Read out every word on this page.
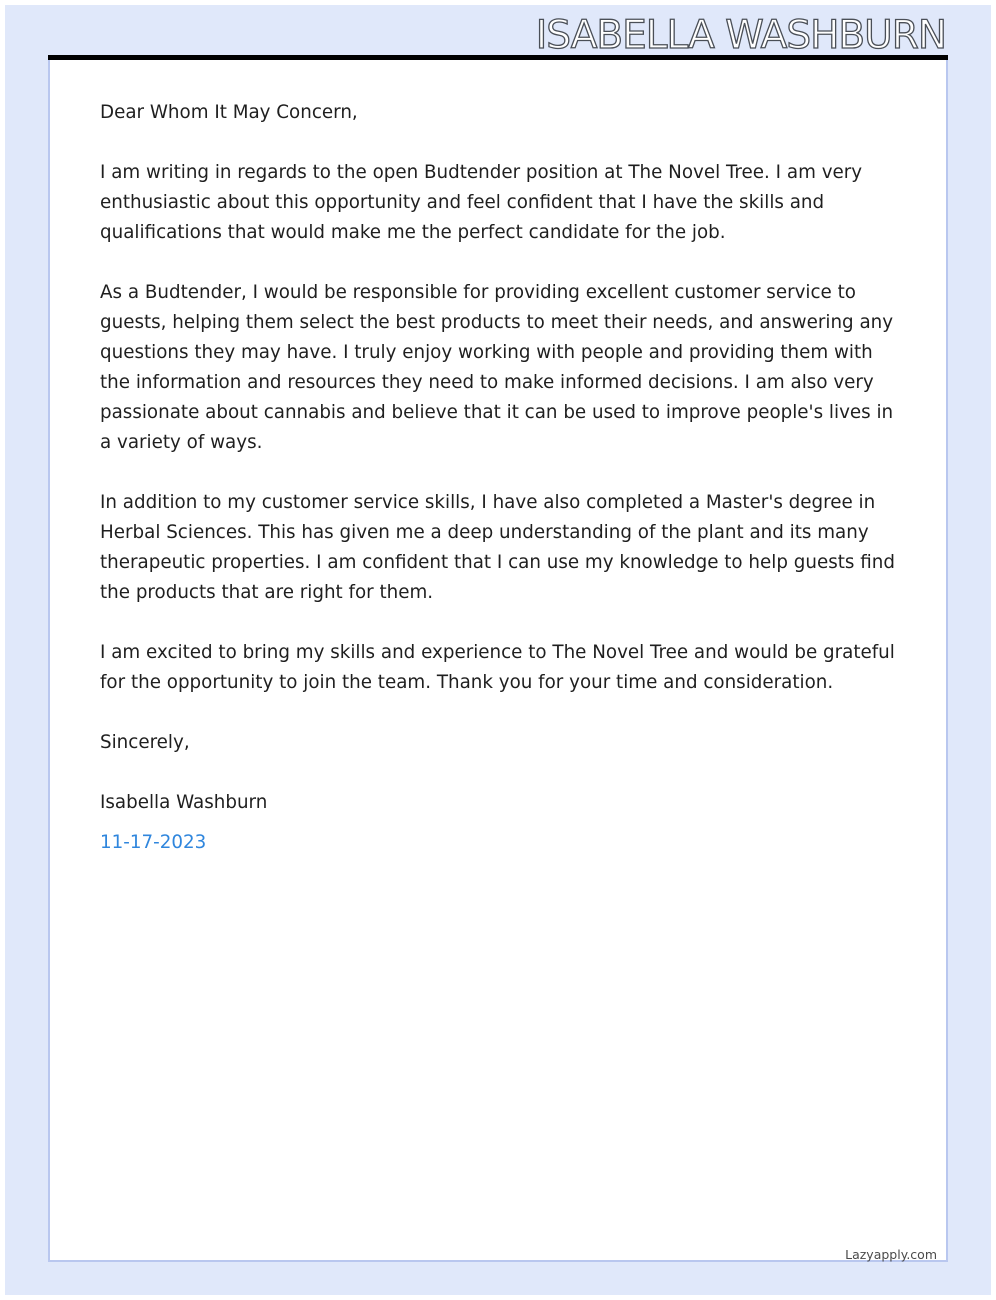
ISABELLA WASHBURN

Dear Whom It May Concern,

I am writing in regards to the open Budtender position at The Novel Tree. I am very enthusiastic about this opportunity and feel confident that I have the skills and qualifications that would make me the perfect candidate for the job.

As a Budtender, I would be responsible for providing excellent customer service to guests, helping them select the best products to meet their needs, and answering any questions they may have. I truly enjoy working with people and providing them with the information and resources they need to make informed decisions. I am also very passionate about cannabis and believe that it can be used to improve people's lives in a variety of ways.

In addition to my customer service skills, I have also completed a Master's degree in Herbal Sciences. This has given me a deep understanding of the plant and its many therapeutic properties. I am confident that I can use my knowledge to help guests find the products that are right for them.

I am excited to bring my skills and experience to The Novel Tree and would be grateful for the opportunity to join the team. Thank you for your time and consideration.

Sincerely,

Isabella Washburn

11-17-2023
Lazyapply.com
